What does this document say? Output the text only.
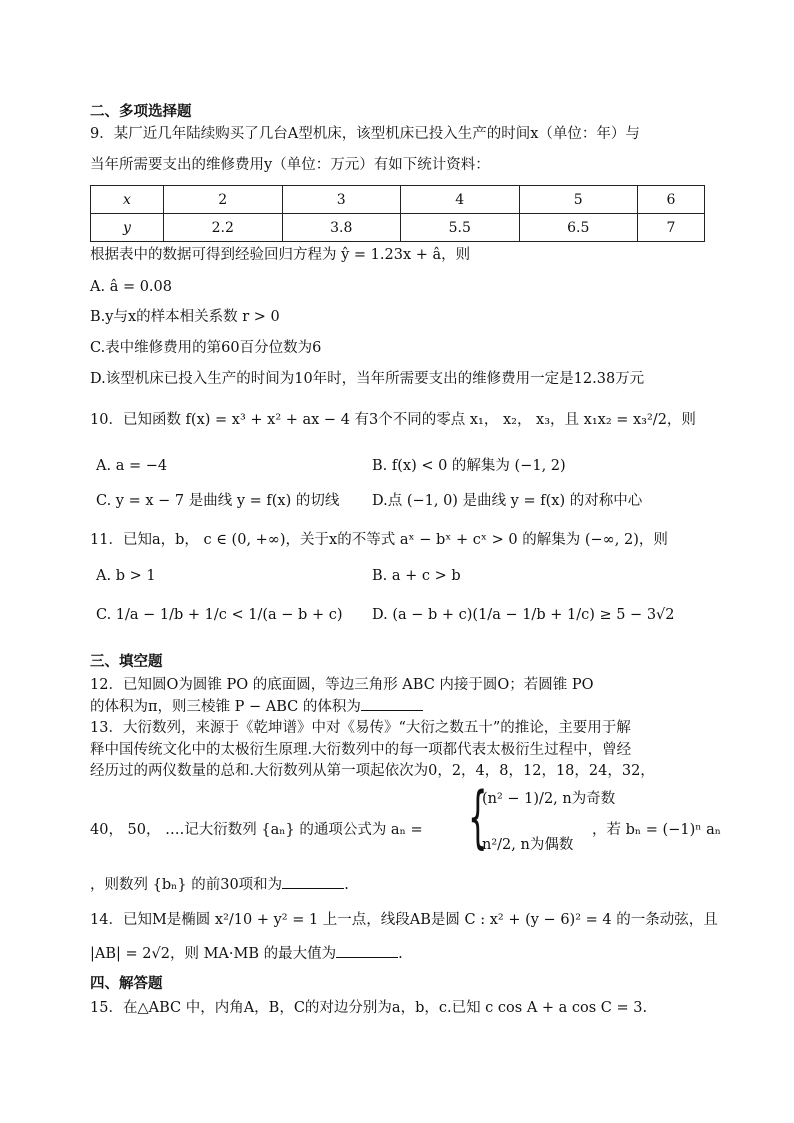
二、多项选择题
9．某厂近几年陆续购买了几台A型机床，该型机床已投入生产的时间x（单位：年）与
当年所需要支出的维修费用y（单位：万元）有如下统计资料：
x	2	3	4	5	6
y	2.2	3.8	5.5	6.5	7
根据表中的数据可得到经验回归方程为 ŷ = 1.23x + â，则
A. â = 0.08
B.y与x的样本相关系数 r > 0
C.表中维修费用的第60百分位数为6
D.该型机床已投入生产的时间为10年时，当年所需要支出的维修费用一定是12.38万元
10．已知函数 f(x) = x³ + x² + ax − 4 有3个不同的零点 x₁， x₂， x₃，且 x₁x₂ = x₃²/2，则
A. a = −4	B. f(x) < 0 的解集为 (−1, 2)
C. y = x − 7 是曲线 y = f(x) 的切线 D.点 (−1, 0) 是曲线 y = f(x) 的对称中心
11．已知a，b， c ∈ (0, +∞)，关于x的不等式 aˣ − bˣ + cˣ > 0 的解集为 (−∞, 2)，则
A. b > 1	B. a + c > b
C. 1/a − 1/b + 1/c < 1/(a − b + c) D. (a − b + c)(1/a − 1/b + 1/c) ≥ 5 − 3√2
三、填空题
12．已知圆O为圆锥 PO 的底面圆，等边三角形 ABC 内接于圆O；若圆锥 PO
的体积为π，则三棱锥 P − ABC 的体积为
13．大衍数列，来源于《乾坤谱》中对《易传》“大衍之数五十”的推论，主要用于解
释中国传统文化中的太极衍生原理.大衍数列中的每一项都代表太极衍生过程中，曾经
经历过的两仪数量的总和.大衍数列从第一项起依次为0，2，4，8，12，18，24，32，
40， 50， ….记大衍数列 {aₙ} 的通项公式为 aₙ = {
(n² − 1)/2, n为奇数
n²/2, n为偶数
，若 bₙ = (−1)ⁿ aₙ
，则数列 {bₙ} 的前30项和为	.
14．已知M是椭圆 x²/10 + y² = 1 上一点，线段AB是圆 C : x² + (y − 6)² = 4 的一条动弦，且
|AB| = 2√2，则 MA·MB 的最大值为	.
四、解答题
15．在△ABC 中，内角A，B，C的对边分别为a，b，c.已知 c cos A + a cos C = 3.
